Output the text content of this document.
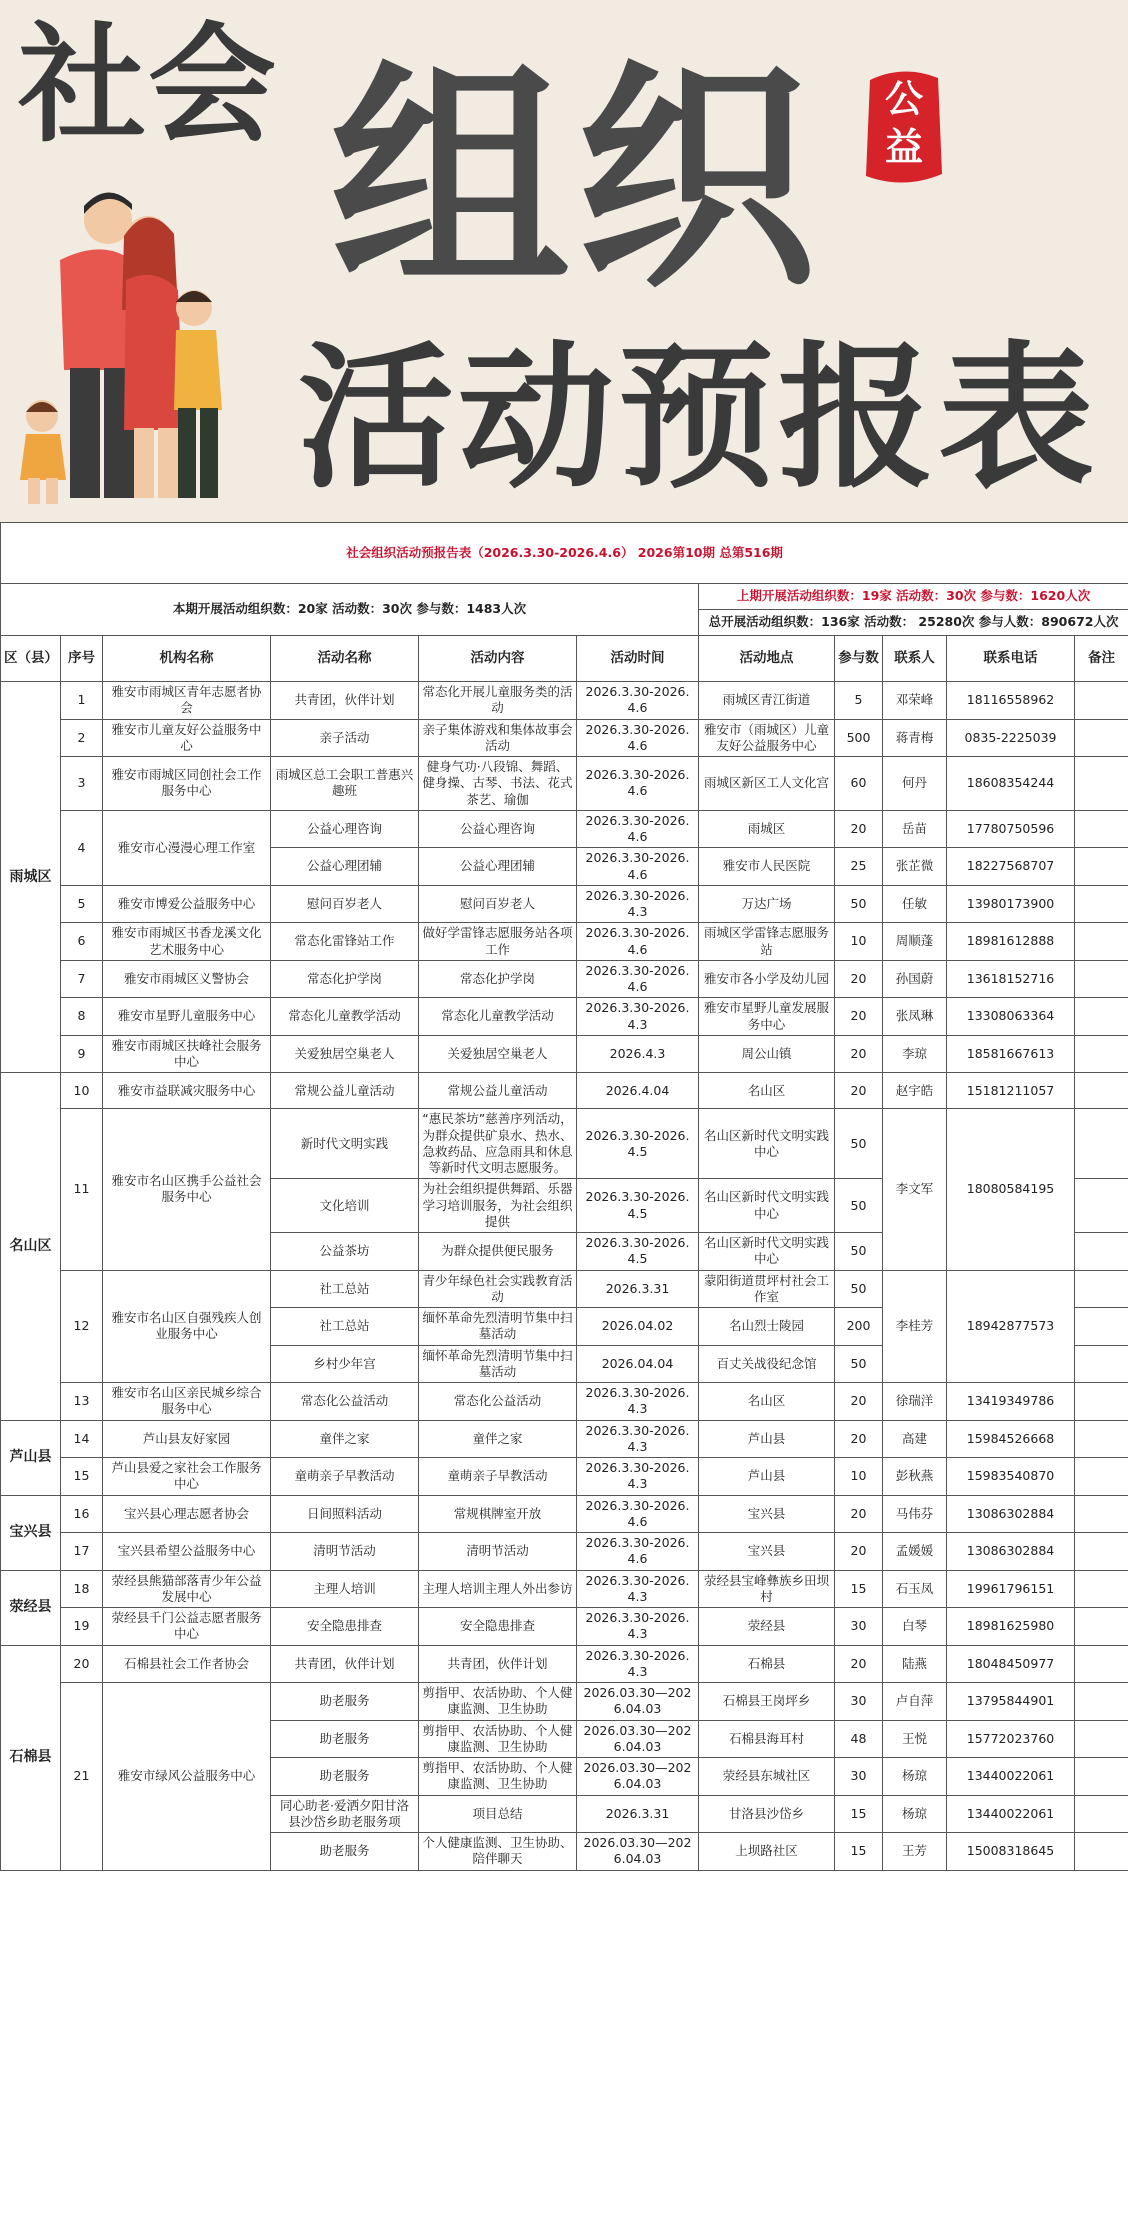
社会 组织
活动预报表
公
益
社会组织活动预报告表（2026.3.30-2026.4.6） 2026第10期 总第516期										
本期开展活动组织数：20家 活动数：30次 参与数：1483人次						上期开展活动组织数：19家 活动数：30次 参与数：1620人次				
						总开展活动组织数：136家 活动数： 25280次 参与人数：890672人次				
区（县）	序号	机构名称	活动名称	活动内容	活动时间	活动地点	参与数	联系人	联系电话	备注
雨城区	1	雅安市雨城区青年志愿者协会	共青团，伙伴计划	常态化开展儿童服务类的活动	2026.3.30-2026.4.6	雨城区青江街道	5	邓荣峰	18116558962	
	2	雅安市儿童友好公益服务中心	亲子活动	亲子集体游戏和集体故事会活动	2026.3.30-2026.4.6	雅安市（雨城区）儿童友好公益服务中心	500	蒋青梅	0835-2225039	
	3	雅安市雨城区同创社会工作服务中心	雨城区总工会职工普惠兴趣班	健身气功·八段锦、舞蹈、健身操、古琴、书法、花式茶艺、瑜伽	2026.3.30-2026.4.6	雨城区新区工人文化宫	60	何丹	18608354244	
	4	雅安市心漫漫心理工作室	公益心理咨询	公益心理咨询	2026.3.30-2026.4.6	雨城区	20	岳苗	17780750596	
			公益心理团辅	公益心理团辅	2026.3.30-2026.4.6	雅安市人民医院	25	张芷微	18227568707	
	5	雅安市博爱公益服务中心	慰问百岁老人	慰问百岁老人	2026.3.30-2026.4.3	万达广场	50	任敏	13980173900	
	6	雅安市雨城区书香龙溪文化艺术服务中心	常态化雷锋站工作	做好学雷锋志愿服务站各项工作	2026.3.30-2026.4.6	雨城区学雷锋志愿服务站	10	周顺蓬	18981612888	
	7	雅安市雨城区义警协会	常态化护学岗	常态化护学岗	2026.3.30-2026.4.6	雅安市各小学及幼儿园	20	孙国蔚	13618152716	
	8	雅安市星野儿童服务中心	常态化儿童教学活动	常态化儿童教学活动	2026.3.30-2026.4.3	雅安市星野儿童发展服务中心	20	张凤琳	13308063364	
	9	雅安市雨城区扶峰社会服务中心	关爱独居空巢老人	关爱独居空巢老人	2026.4.3	周公山镇	20	李琼	18581667613	
名山区	10	雅安市益联减灾服务中心	常规公益儿童活动	常规公益儿童活动	2026.4.04	名山区	20	赵宇皓	15181211057	
	11	雅安市名山区携手公益社会服务中心	新时代文明实践	“惠民茶坊”慈善序列活动，为群众提供矿泉水、热水、急救药品、应急雨具和休息等新时代文明志愿服务。	2026.3.30-2026.4.5	名山区新时代文明实践中心	50	李文军	18080584195	
			文化培训	为社会组织提供舞蹈、乐器学习培训服务，为社会组织提供	2026.3.30-2026.4.5	名山区新时代文明实践中心	50			
			公益茶坊	为群众提供便民服务	2026.3.30-2026.4.5	名山区新时代文明实践中心	50			
	12	雅安市名山区自强残疾人创业服务中心	社工总站	青少年绿色社会实践教育活动	2026.3.31	蒙阳街道贯坪村社会工作室	50	李桂芳	18942877573	
			社工总站	缅怀革命先烈清明节集中扫墓活动	2026.04.02	名山烈士陵园	200			
			乡村少年宫	缅怀革命先烈清明节集中扫墓活动	2026.04.04	百丈关战役纪念馆	50			
	13	雅安市名山区亲民城乡综合服务中心	常态化公益活动	常态化公益活动	2026.3.30-2026.4.3	名山区	20	徐瑞洋	13419349786	
芦山县	14	芦山县友好家园	童伴之家	童伴之家	2026.3.30-2026.4.3	芦山县	20	高建	15984526668	
	15	芦山县爱之家社会工作服务中心	童萌亲子早教活动	童萌亲子早教活动	2026.3.30-2026.4.3	芦山县	10	彭秋燕	15983540870	
宝兴县	16	宝兴县心理志愿者协会	日间照料活动	常规棋牌室开放	2026.3.30-2026.4.6	宝兴县	20	马伟芬	13086302884	
	17	宝兴县希望公益服务中心	清明节活动	清明节活动	2026.3.30-2026.4.6	宝兴县	20	孟媛媛	13086302884	
荥经县	18	荥经县熊猫部落青少年公益发展中心	主理人培训	主理人培训主理人外出参访	2026.3.30-2026.4.3	荥经县宝峰彝族乡田坝村	15	石玉凤	19961796151	
	19	荥经县千门公益志愿者服务中心	安全隐患排查	安全隐患排查	2026.3.30-2026.4.3	荥经县	30	白琴	18981625980	
石棉县	20	石棉县社会工作者协会	共青团，伙伴计划	共青团，伙伴计划	2026.3.30-2026.4.3	石棉县	20	陆燕	18048450977	
	21	雅安市绿风公益服务中心	助老服务	剪指甲、农活协助、个人健康监测、卫生协助	2026.03.30—2026.04.03	石棉县王岗坪乡	30	卢自萍	13795844901	
			助老服务	剪指甲、农活协助、个人健康监测、卫生协助	2026.03.30—2026.04.03	石棉县海耳村	48	王悦	15772023760	
			助老服务	剪指甲、农活协助、个人健康监测、卫生协助	2026.03.30—2026.04.03	荥经县东城社区	30	杨琼	13440022061	
			同心助老·爱洒夕阳甘洛县沙岱乡助老服务项	项目总结	2026.3.31	甘洛县沙岱乡	15	杨琼	13440022061	
			助老服务	个人健康监测、卫生协助、陪伴聊天	2026.03.30—2026.04.03	上坝路社区	15	王芳	15008318645	
